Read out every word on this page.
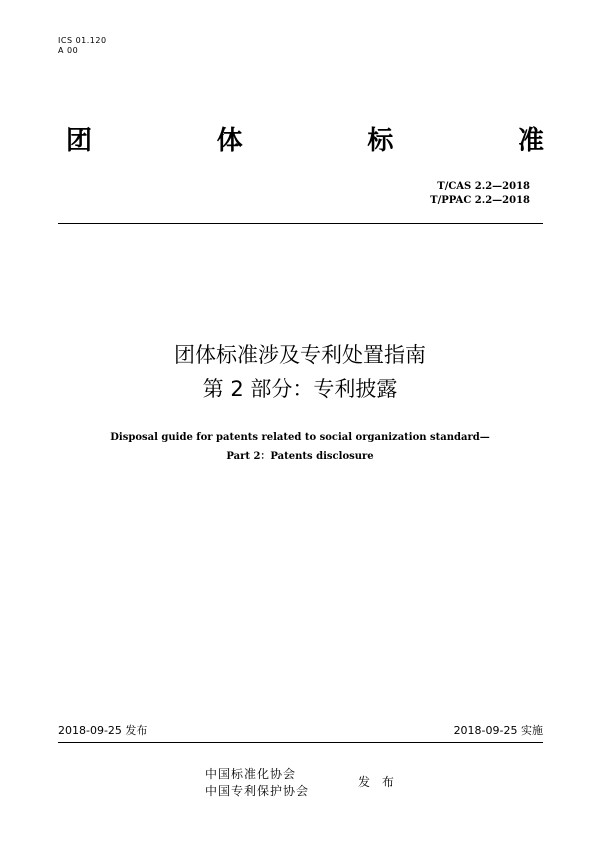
ICS 01.120
A 00
团	体	标	准
T/CAS 2.2—2018
T/PPAC 2.2—2018
团体标准涉及专利处置指南
第 2 部分：专利披露
Disposal guide for patents related to social organization standard—
Part 2：Patents disclosure
2018-09-25 发布	2018-09-25 实施
中国标准化协会
中国专利保护协会
发 布
